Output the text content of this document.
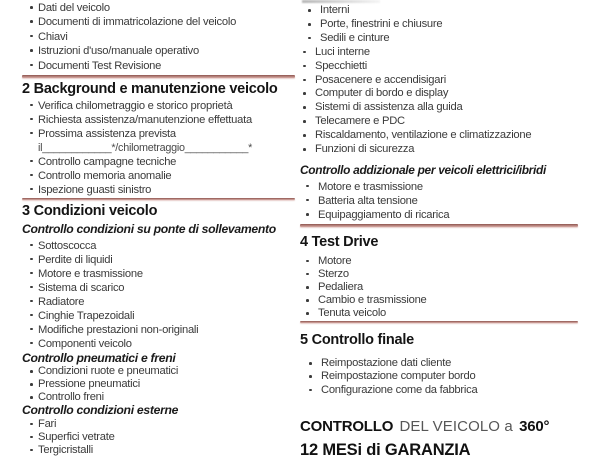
Dati del veicolo
Documenti di immatricolazione del veicolo
Chiavi
Istruzioni d'uso/manuale operativo
Documenti Test Revisione
2 Background e manutenzione veicolo
Verifica chilometraggio e storico proprietà
Richiesta assistenza/manutenzione effettuata
Prossima assistenza prevista
il____________*/chilometraggio___________*
Controllo campagne tecniche
Controllo memoria anomalie
Ispezione guasti sinistro
3 Condizioni veicolo
Controllo condizioni su ponte di sollevamento
Sottoscocca
Perdite di liquidi
Motore e trasmissione
Sistema di scarico
Radiatore
Cinghie Trapezoidali
Modifiche prestazioni non-originali
Componenti veicolo
Controllo pneumatici e freni
Condizioni ruote e pneumatici
Pressione pneumatici
Controllo freni
Controllo condizioni esterne
Fari
Superfici vetrate
Tergicristalli
Interni
Porte, finestrini e chiusure
Sedili e cinture
Luci interne
Specchietti
Posacenere e accendisigari
Computer di bordo e display
Sistemi di assistenza alla guida
Telecamere e PDC
Riscaldamento, ventilazione e climatizzazione
Funzioni di sicurezza
Controllo addizionale per veicoli elettrici/ibridi
Motore e trasmissione
Batteria alta tensione
Equipaggiamento di ricarica
4 Test Drive
Motore
Sterzo
Pedaliera
Cambio e trasmissione
Tenuta veicolo
5 Controllo finale
Reimpostazione dati cliente
Reimpostazione computer bordo
Configurazione come da fabbrica

CONTROLLO DEL VEICOLO a 360°

12 MESi di GARANZIA
